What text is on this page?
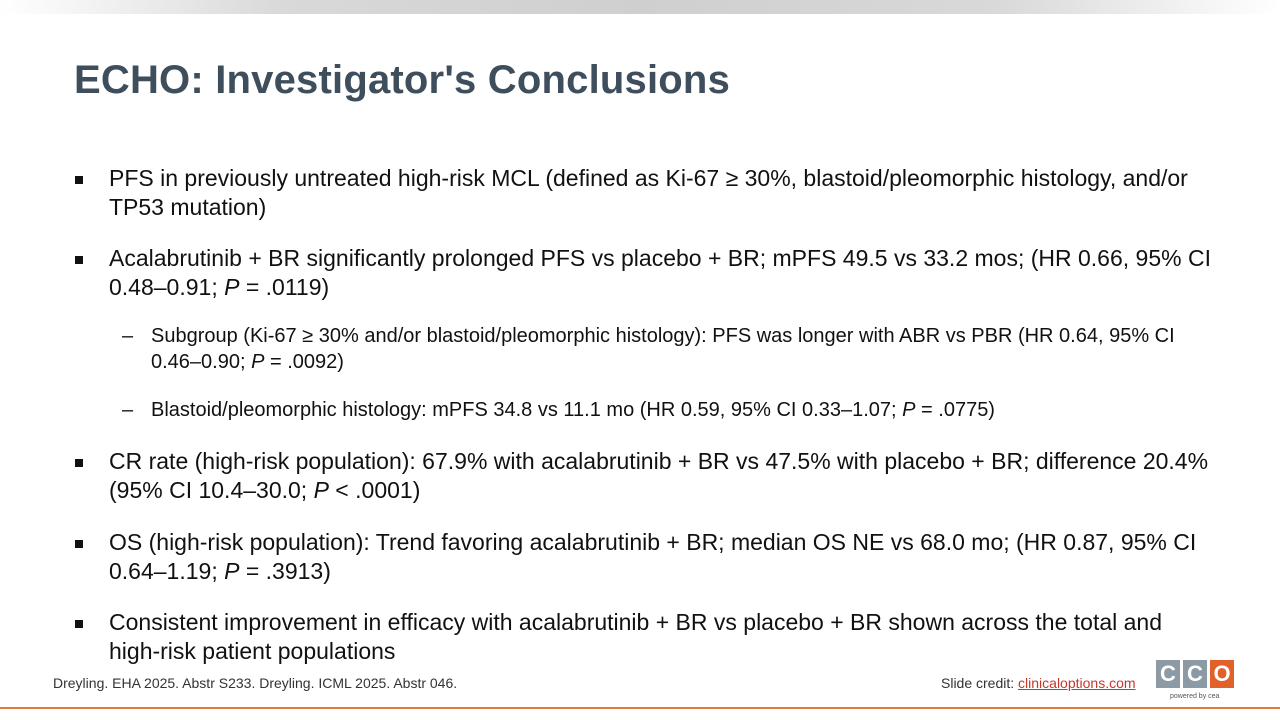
ECHO: Investigator's Conclusions
PFS in previously untreated high-risk MCL (defined as Ki-67 ≥ 30%, blastoid/pleomorphic histology, and/or TP53 mutation)
Acalabrutinib + BR significantly prolonged PFS vs placebo + BR; mPFS 49.5 vs 33.2 mos; (HR 0.66, 95% CI 0.48–0.91; P = .0119)
– Subgroup (Ki-67 ≥ 30% and/or blastoid/pleomorphic histology): PFS was longer with ABR vs PBR (HR 0.64, 95% CI 0.46–0.90; P = .0092)
– Blastoid/pleomorphic histology: mPFS 34.8 vs 11.1 mo (HR 0.59, 95% CI 0.33–1.07; P = .0775)
CR rate (high-risk population): 67.9% with acalabrutinib + BR vs 47.5% with placebo + BR; difference 20.4% (95% CI 10.4–30.0; P < .0001)
OS (high-risk population): Trend favoring acalabrutinib + BR; median OS NE vs 68.0 mo; (HR 0.87, 95% CI 0.64–1.19; P = .3913)
Consistent improvement in efficacy with acalabrutinib + BR vs placebo + BR shown across the total and high-risk patient populations
Dreyling. EHA 2025. Abstr S233. Dreyling. ICML 2025. Abstr 046.	Slide credit: clinicaloptions.com C C O
powered by cea
